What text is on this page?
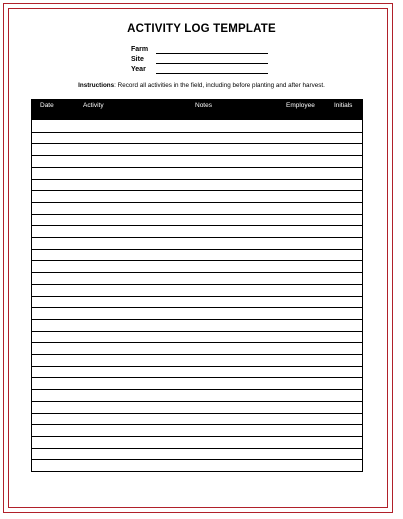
ACTIVITY LOG TEMPLATE
Farm
Site
Year
Instructions: Record all activities in the field, including before planting and after harvest.
Date	Activity	Notes	Employee	Initials
